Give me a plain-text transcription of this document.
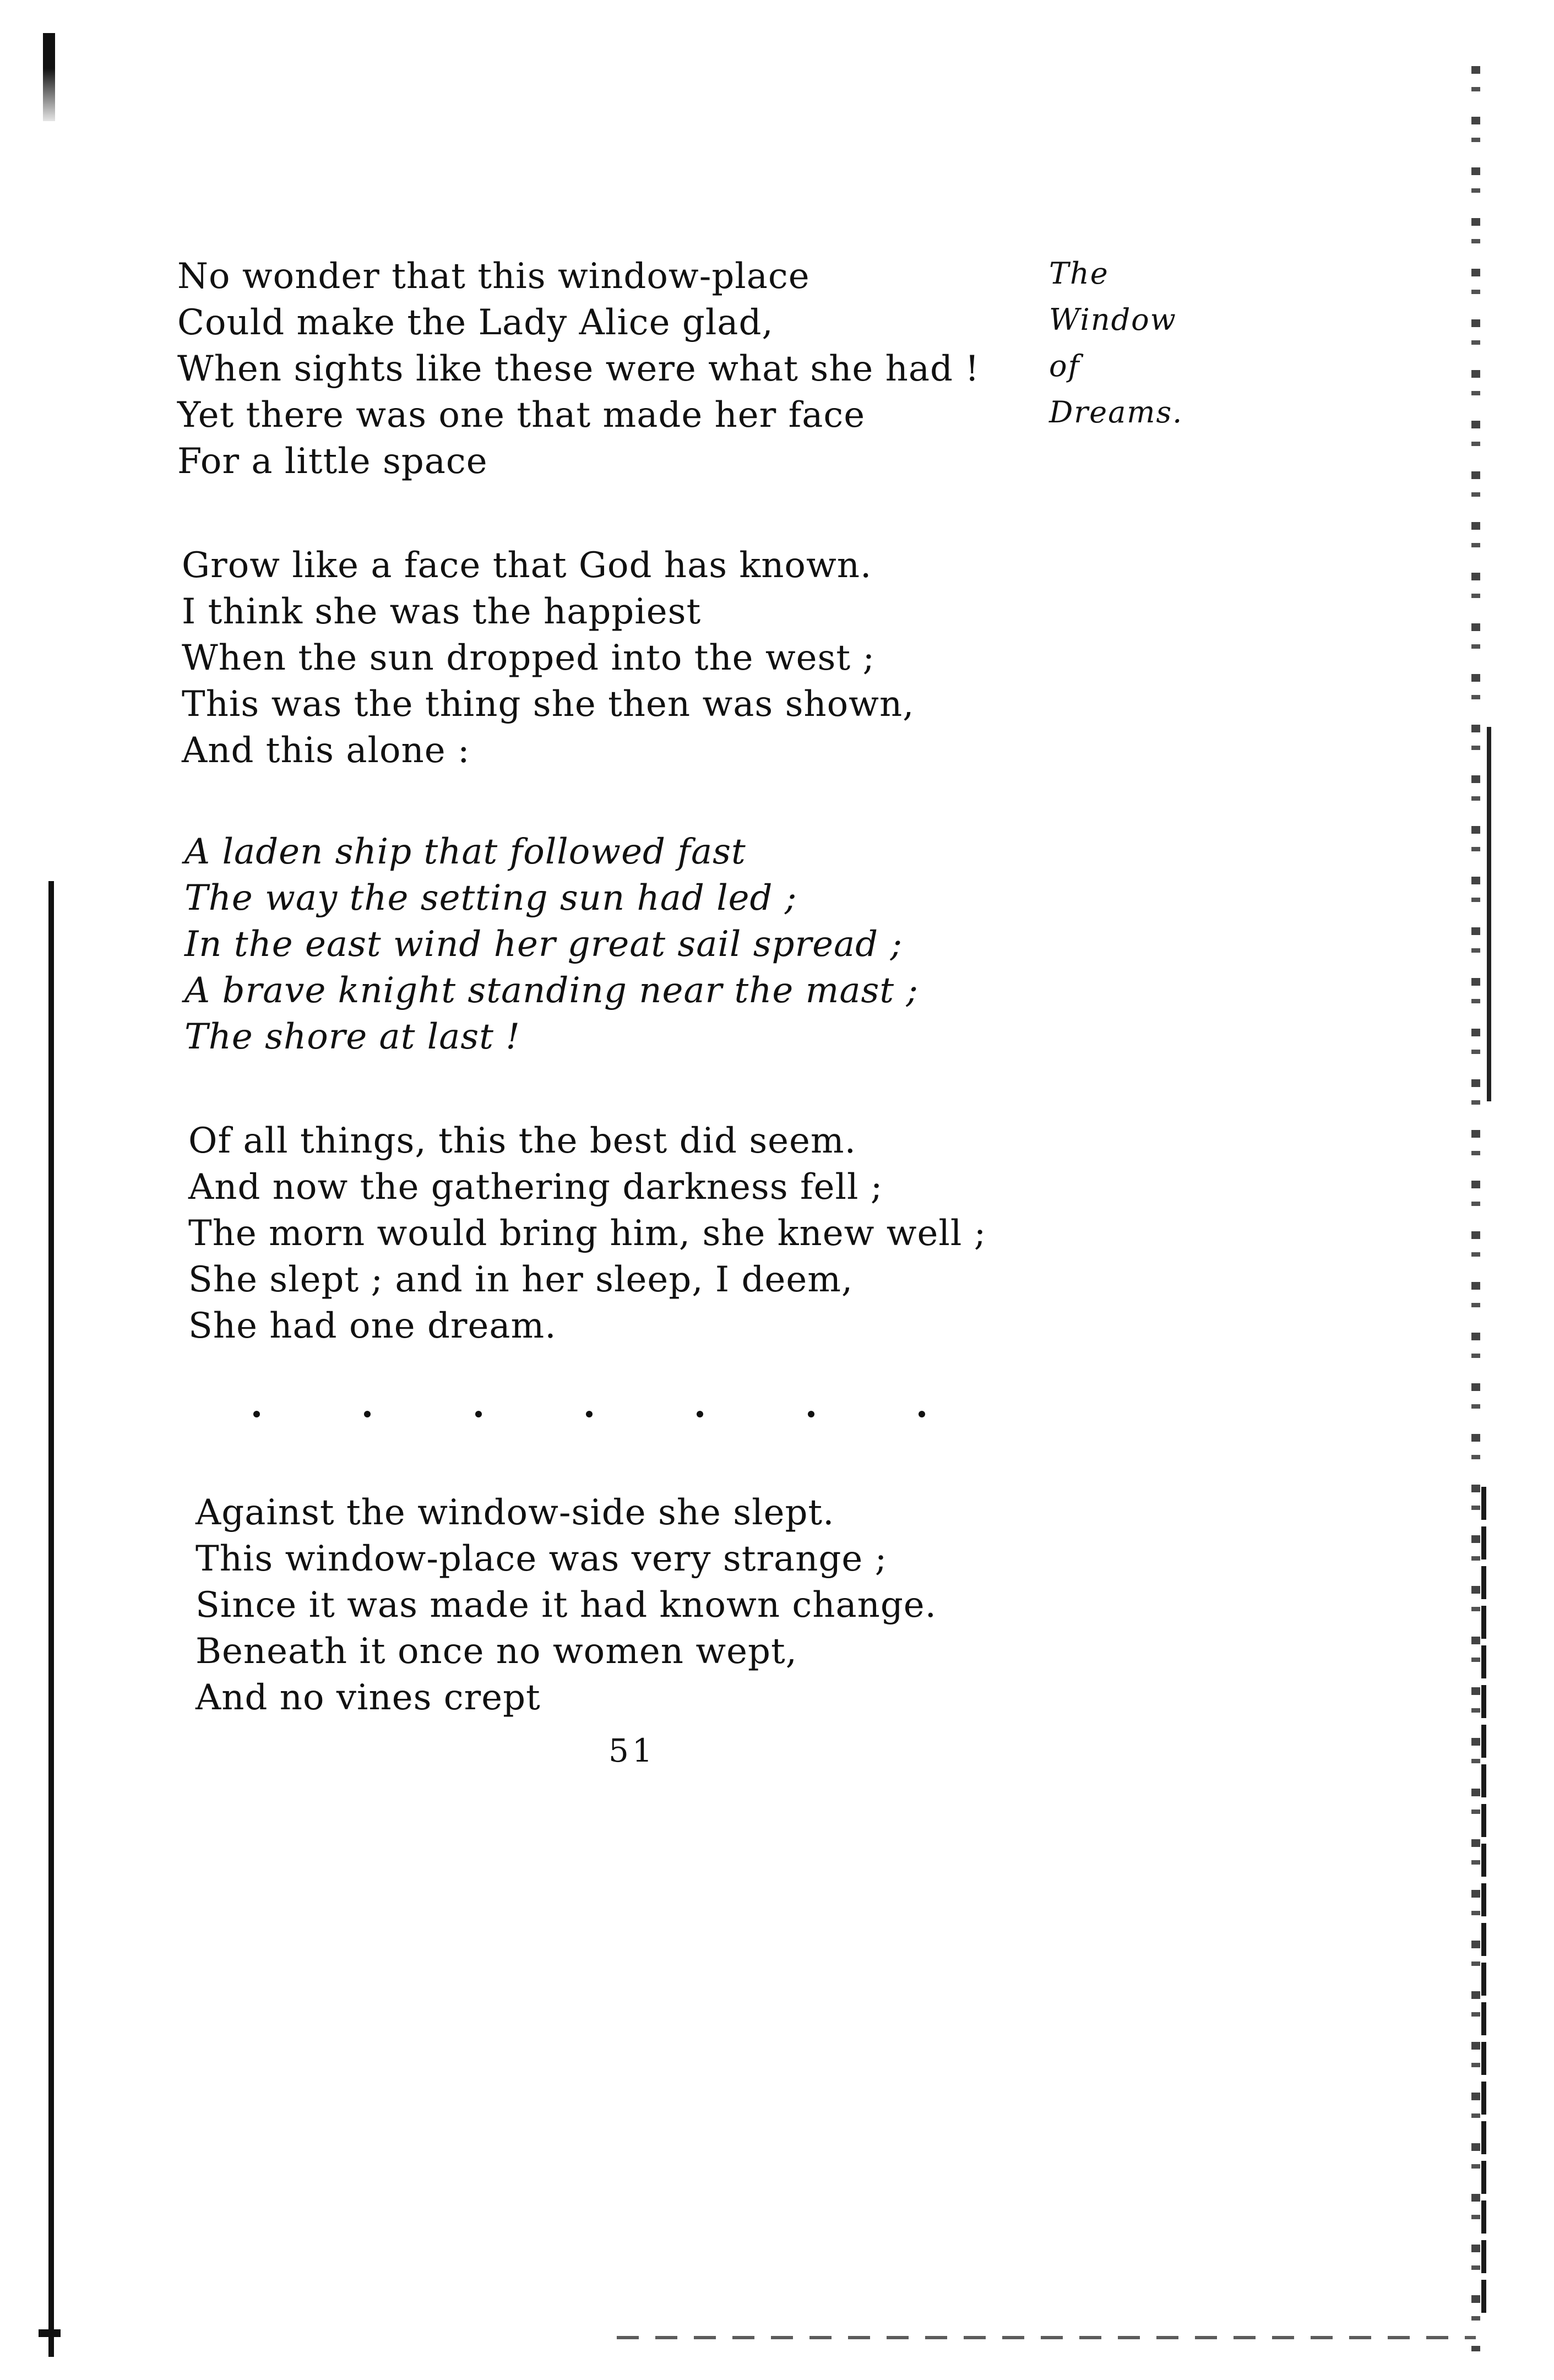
The
Window
of
Dreams.
No wonder that this window-place
Could make the Lady Alice glad,
When sights like these were what she had !
Yet there was one that made her face
For a little space
Grow like a face that God has known.
I think she was the happiest
When the sun dropped into the west ;
This was the thing she then was shown,
And this alone :
A laden ship that followed fast
The way the setting sun had led ;
In the east wind her great sail spread ;
A brave knight standing near the mast ;
The shore at last !
Of all things, this the best did seem.
And now the gathering darkness fell ;
The morn would bring him, she knew well ;
She slept ; and in her sleep, I deem,
She had one dream.
Against the window-side she slept.
This window-place was very strange ;
Since it was made it had known change.
Beneath it once no women wept,
And no vines crept
51
